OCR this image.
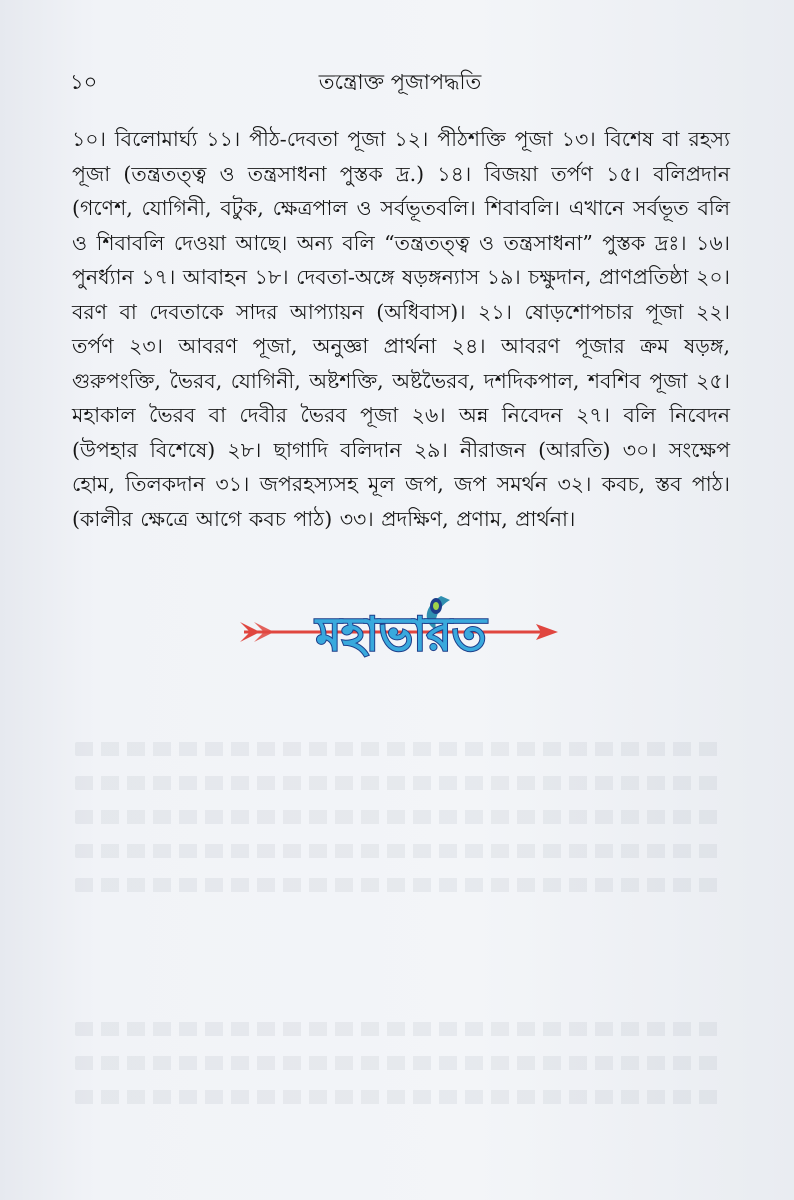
১০	তন্ত্রোক্ত পূজাপদ্ধতি

১০। বিলোমার্ঘ্য ১১। পীঠ-দেবতা পূজা ১২। পীঠশক্তি পূজা ১৩। বিশেষ বা রহস্য পূজা (তন্ত্রতত্ত্ব ও তন্ত্রসাধনা পুস্তক দ্র.) ১৪। বিজয়া তর্পণ ১৫। বলিপ্রদান (গণেশ, যোগিনী, বটুক, ক্ষেত্রপাল ও সর্বভূতবলি। শিবাবলি। এখানে সর্বভূত বলি ও শিবাবলি দেওয়া আছে। অন্য বলি “তন্ত্রতত্ত্ব ও তন্ত্রসাধনা” পুস্তক দ্রঃ। ১৬। পুনর্ধ্যান ১৭। আবাহন ১৮। দেবতা-অঙ্গে ষড়ঙ্গন্যাস ১৯। চক্ষুদান, প্রাণপ্রতিষ্ঠা ২০। বরণ বা দেবতাকে সাদর আপ্যায়ন (অধিবাস)। ২১। ষোড়শোপচার পূজা ২২। তর্পণ ২৩। আবরণ পূজা, অনুজ্ঞা প্রার্থনা ২৪। আবরণ পূজার ক্রম ষড়ঙ্গ, গুরুপংক্তি, ভৈরব, যোগিনী, অষ্টশক্তি, অষ্টভৈরব, দশদিকপাল, শবশিব পূজা ২৫। মহাকাল ভৈরব বা দেবীর ভৈরব পূজা ২৬। অন্ন নিবেদন ২৭। বলি নিবেদন (উপহার বিশেষে) ২৮। ছাগাদি বলিদান ২৯। নীরাজন (আরতি) ৩০। সংক্ষেপ হোম, তিলকদান ৩১। জপরহস্যসহ মূল জপ, জপ সমর্থন ৩২। কবচ, স্তব পাঠ। (কালীর ক্ষেত্রে আগে কবচ পাঠ) ৩৩। প্রদক্ষিণ, প্রণাম, প্রার্থনা।

মহাভারত
